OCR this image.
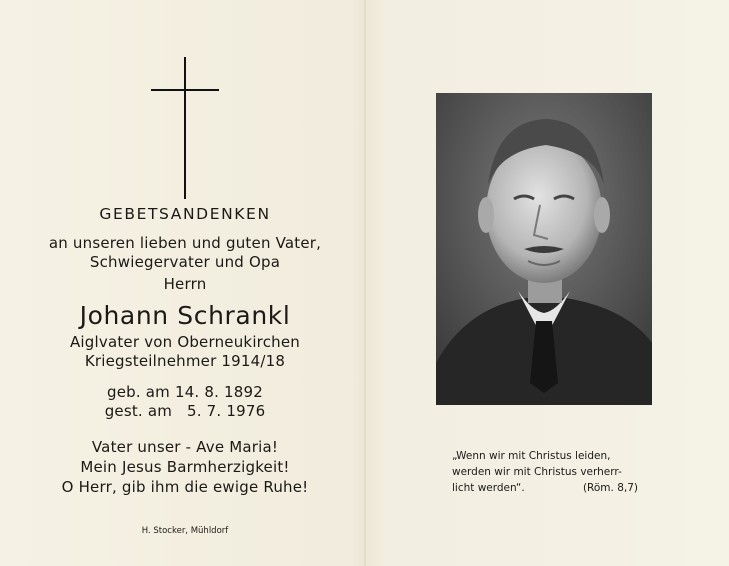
GEBETSANDENKEN
an unseren lieben und guten Vater,
Schwiegervater und Opa
Herrn
Johann Schrankl
Aiglvater von Oberneukirchen
Kriegsteilnehmer 1914/18
geb. am 14. 8. 1892
gest. am   5. 7. 1976
Vater unser - Ave Maria!
Mein Jesus Barmherzigkeit!
O Herr, gib ihm die ewige Ruhe!
H. Stocker, Mühldorf
„Wenn wir mit Christus leiden,
werden wir mit Christus verherr-
licht werden“.	(Röm. 8,7)
